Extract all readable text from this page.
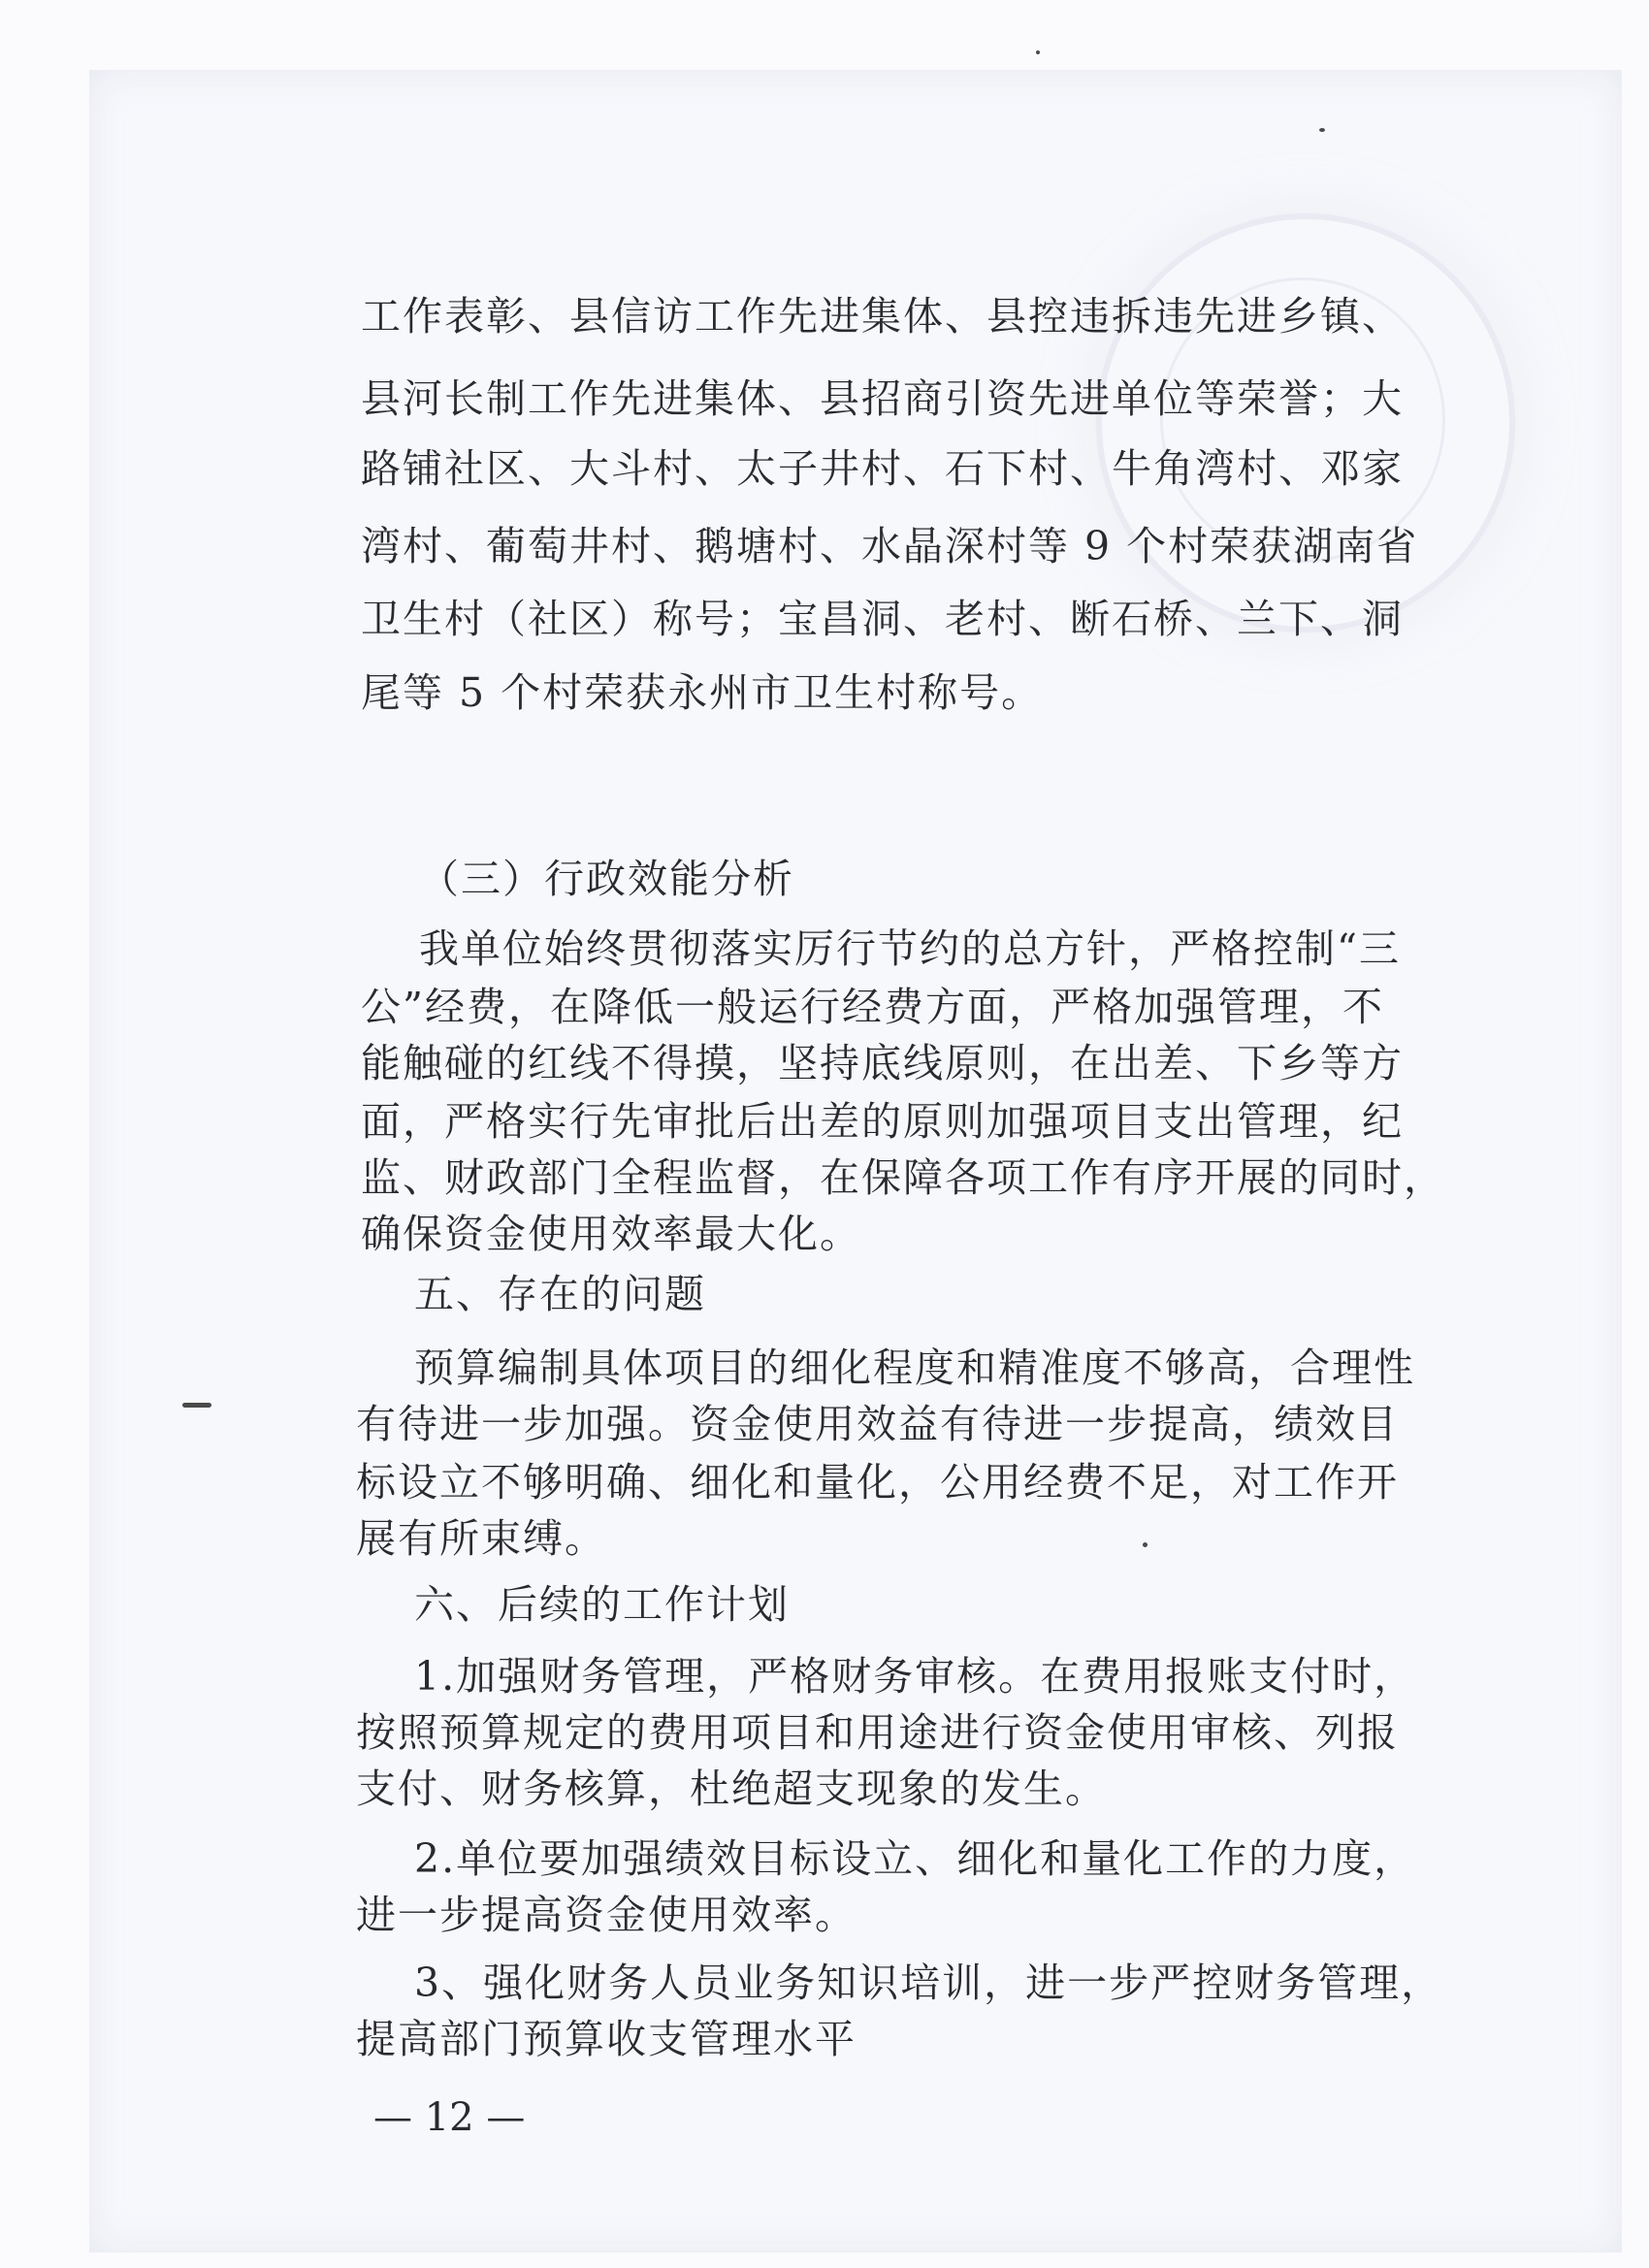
工作表彰、县信访工作先进集体、县控违拆违先进乡镇、
县河长制工作先进集体、县招商引资先进单位等荣誉；大
路铺社区、大斗村、太子井村、石下村、牛角湾村、邓家
湾村、葡萄井村、鹅塘村、水晶深村等 9 个村荣获湖南省
卫生村（社区）称号；宝昌洞、老村、断石桥、兰下、洞
尾等 5 个村荣获永州市卫生村称号。
（三）行政效能分析
我单位始终贯彻落实厉行节约的总方针，严格控制“三
公”经费，在降低一般运行经费方面，严格加强管理，不
能触碰的红线不得摸，坚持底线原则，在出差、下乡等方
面，严格实行先审批后出差的原则加强项目支出管理，纪
监、财政部门全程监督，在保障各项工作有序开展的同时，
确保资金使用效率最大化。
五、存在的问题
预算编制具体项目的细化程度和精准度不够高，合理性
有待进一步加强。资金使用效益有待进一步提高，绩效目
标设立不够明确、细化和量化，公用经费不足，对工作开
展有所束缚。
六、后续的工作计划
1.加强财务管理，严格财务审核。在费用报账支付时，
按照预算规定的费用项目和用途进行资金使用审核、列报
支付、财务核算，杜绝超支现象的发生。
2.单位要加强绩效目标设立、细化和量化工作的力度，
进一步提高资金使用效率。
3、强化财务人员业务知识培训，进一步严控财务管理，
提高部门预算收支管理水平
— 12 —
